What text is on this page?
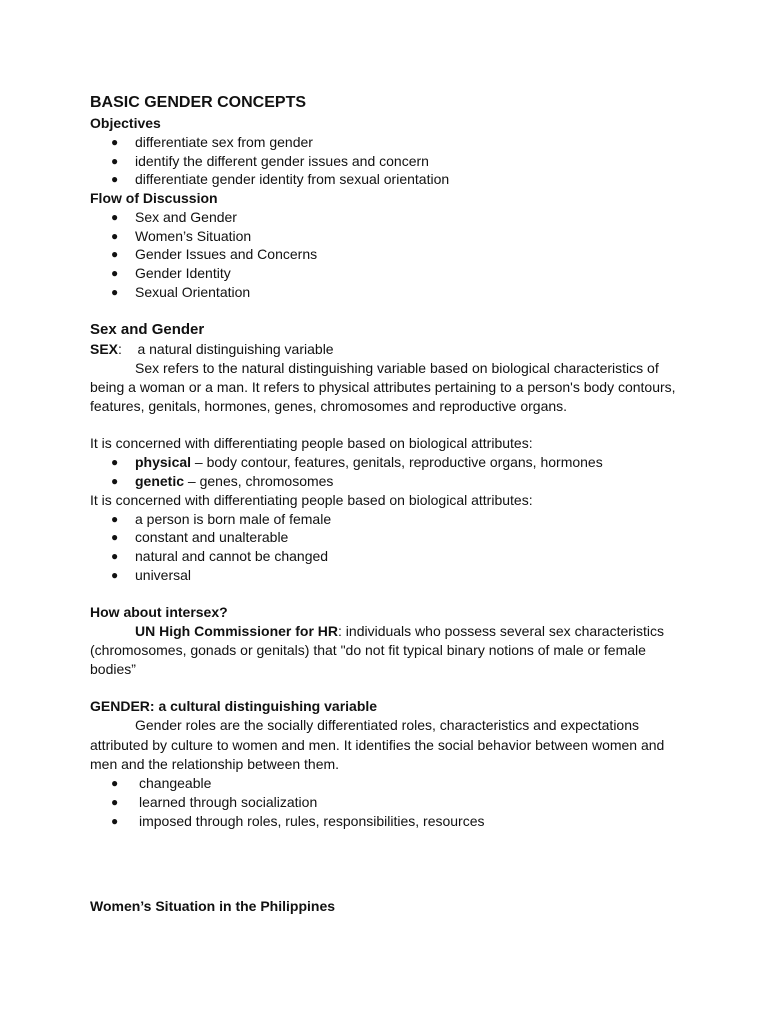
BASIC GENDER CONCEPTS
Objectives
● differentiate sex from gender
● identify the different gender issues and concern
● differentiate gender identity from sexual orientation
Flow of Discussion
● Sex and Gender
● Women’s Situation
● Gender Issues and Concerns
● Gender Identity
● Sexual Orientation
Sex and Gender
SEX:    a natural distinguishing variable

Sex refers to the natural distinguishing variable based on biological characteristics of being a woman or a man. It refers to physical attributes pertaining to a person's body contours, features, genitals, hormones, genes, chromosomes and reproductive organs.

It is concerned with differentiating people based on biological attributes:
● physical – body contour, features, genitals, reproductive organs, hormones
● genetic – genes, chromosomes
It is concerned with differentiating people based on biological attributes:
● a person is born male of female
● constant and unalterable
● natural and cannot be changed
● universal
How about intersex?

UN High Commissioner for HR: individuals who possess several sex characteristics (chromosomes, gonads or genitals) that "do not fit typical binary notions of male or female bodies”

GENDER: a cultural distinguishing variable

Gender roles are the socially differentiated roles, characteristics and expectations attributed by culture to women and men. It identifies the social behavior between women and men and the relationship between them.

● changeable
● learned through socialization
● imposed through roles, rules, responsibilities, resources
Women’s Situation in the Philippines
